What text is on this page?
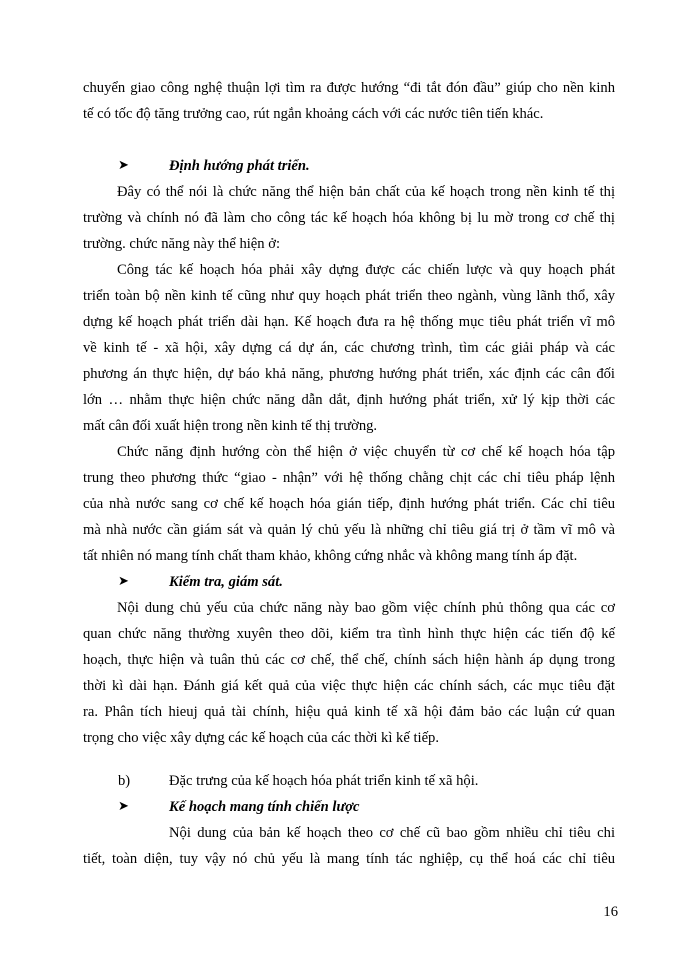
chuyển giao công nghệ thuận lợi tìm ra được hướng “đi tắt đón đầu” giúp cho nền kinh
tế có tốc độ tăng trưởng cao, rút ngắn khoảng cách với các nước tiên tiến khác.
➤	Định hướng phát triển.
Đây có thể nói là chức năng thể hiện bản chất của kế hoạch trong nền kinh tế thị
trường và chính nó đã làm cho công tác kế hoạch hóa không bị lu mờ trong cơ chế thị
trường. chức năng này thể hiện ở:
Công tác kế hoạch hóa phải xây dựng được các chiến lược và quy hoạch phát
triển toàn bộ nền kinh tế cũng như quy hoạch phát triển theo ngành, vùng lãnh thổ, xây
dựng kế hoạch phát triển dài hạn. Kế hoạch đưa ra hệ thống mục tiêu phát triển vĩ mô
về kinh tế - xã hội, xây dựng cá dự án, các chương trình, tìm các giải pháp và các
phương án thực hiện, dự báo khả năng, phương hướng phát triển, xác định các cân đối
lớn … nhằm thực hiện chức năng dẫn dắt, định hướng phát triển, xử lý kịp thời các
mất cân đối xuất hiện trong nền kinh tế thị trường.
Chức năng định hướng còn thể hiện ở việc chuyển từ cơ chế kế hoạch hóa tập
trung theo phương thức “giao - nhận” với hệ thống chằng chịt các chỉ tiêu pháp lệnh
của nhà nước sang cơ chế kế hoạch hóa gián tiếp, định hướng phát triển. Các chỉ tiêu
mà nhà nước cần giám sát và quản lý chủ yếu là những chỉ tiêu giá trị ở tầm vĩ mô và
tất nhiên nó mang tính chất tham khảo, không cứng nhắc và không mang tính áp đặt.
➤	Kiểm tra, giám sát.
Nội dung chủ yếu của chức năng này bao gồm việc chính phủ thông qua các cơ
quan chức năng thường xuyên theo dõi, kiểm tra tình hình thực hiện các tiến độ kế
hoạch, thực hiện và tuân thủ các cơ chế, thể chế, chính sách hiện hành áp dụng trong
thời kì dài hạn. Đánh giá kết quả của việc thực hiện các chính sách, các mục tiêu đặt
ra. Phân tích hieuj quả tài chính, hiệu quả kinh tế xã hội đảm bảo các luận cứ quan
trọng cho việc xây dựng các kế hoạch của các thời kì kế tiếp.
b)	Đặc trưng của kế hoạch hóa phát triển kinh tế xã hội.
➤	Kế hoạch mang tính chiến lược
Nội dung của bản kế hoạch theo cơ chế cũ bao gồm nhiều chỉ tiêu chi
tiết, toàn diện, tuy vậy nó chủ yếu là mang tính tác nghiệp, cụ thể hoá các chỉ tiêu
16
